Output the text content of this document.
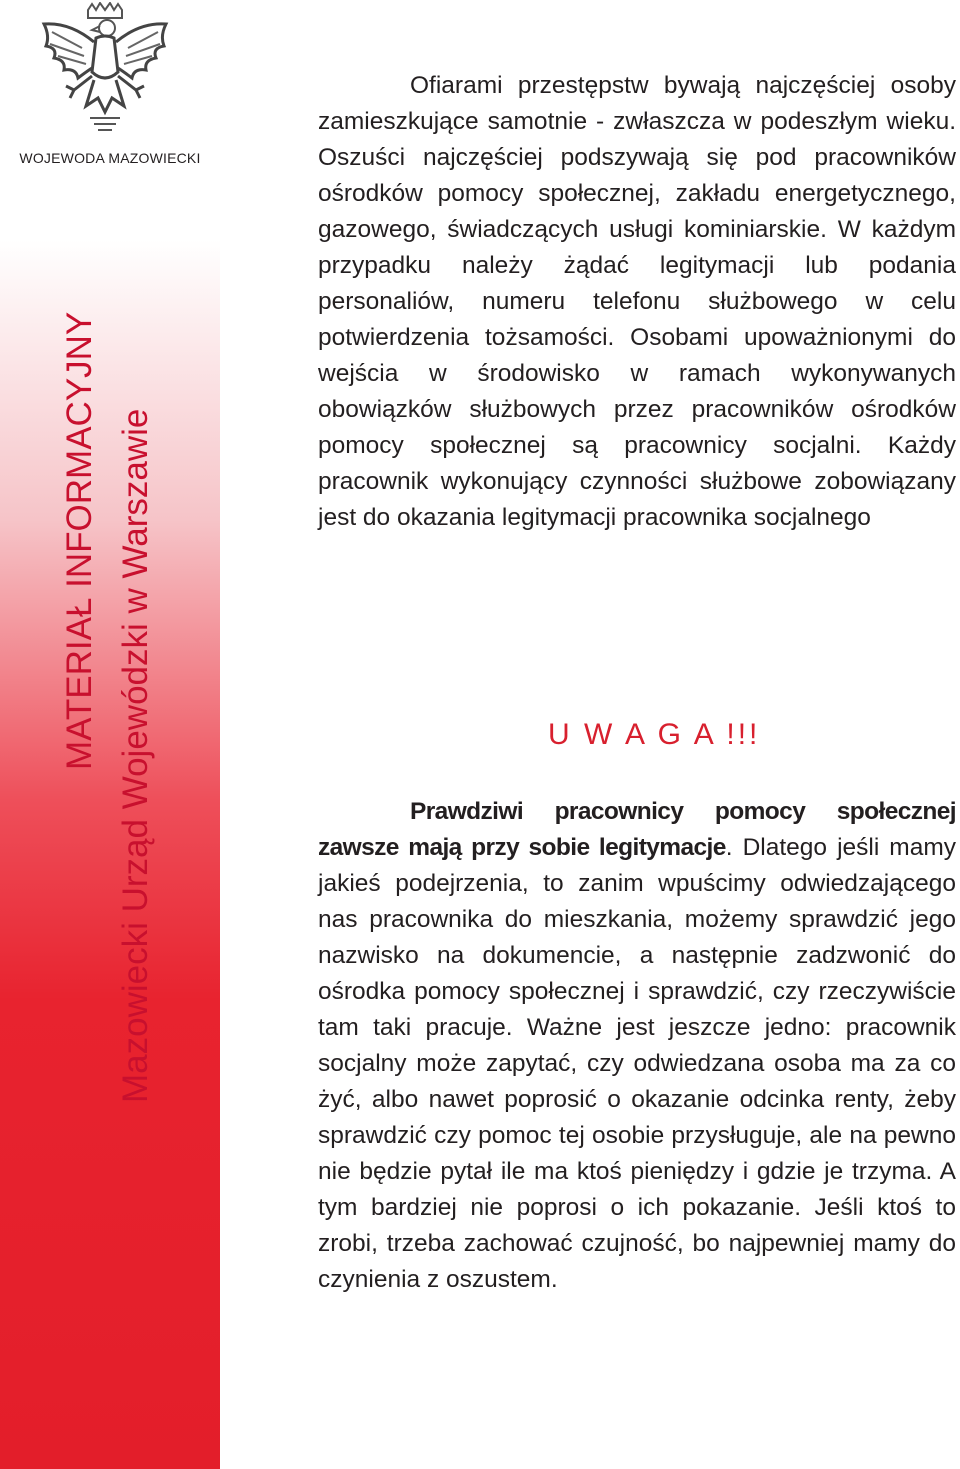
WOJEWODA MAZOWIECKI
MATERIAŁ INFORMACYJNY Mazowiecki Urząd Wojewódzki w Warszawie

Ofiarami przestępstw bywają najczęściej osoby zamieszkujące samotnie - zwłaszcza w podeszłym wieku. Oszuści najczęściej podszywają się pod pracowników ośrodków pomocy społecznej, zakładu energetycznego, gazowego, świadczących usługi kominiarskie. W każdym przypadku należy żądać legitymacji lub podania personaliów, numeru telefonu służbowego w celu potwierdzenia tożsamości. Osobami upoważnionymi do wejścia w środowisko w ramach wykonywanych obowiązków służbowych przez pracowników ośrodków pomocy społecznej są pracownicy socjalni. Każdy pracownik wykonujący czynności służbowe zobowiązany jest do okazania legitymacji pracownika socjalnego

U W A G A !!!

Prawdziwi pracownicy pomocy społecznej zawsze mają przy sobie legitymacje. Dlatego jeśli mamy jakieś podejrzenia, to zanim wpuścimy odwiedzającego nas pracownika do mieszkania, możemy sprawdzić jego nazwisko na dokumencie, a następnie zadzwonić do ośrodka pomocy społecznej i sprawdzić, czy rzeczywiście tam taki pracuje. Ważne jest jeszcze jedno: pracownik socjalny może zapytać, czy odwiedzana osoba ma za co żyć, albo nawet poprosić o okazanie odcinka renty, żeby sprawdzić czy pomoc tej osobie przysługuje, ale na pewno nie będzie pytał ile ma ktoś pieniędzy i gdzie je trzyma. A tym bardziej nie poprosi o ich pokazanie. Jeśli ktoś to zrobi, trzeba zachować czujność, bo najpewniej mamy do czynienia z oszustem.
